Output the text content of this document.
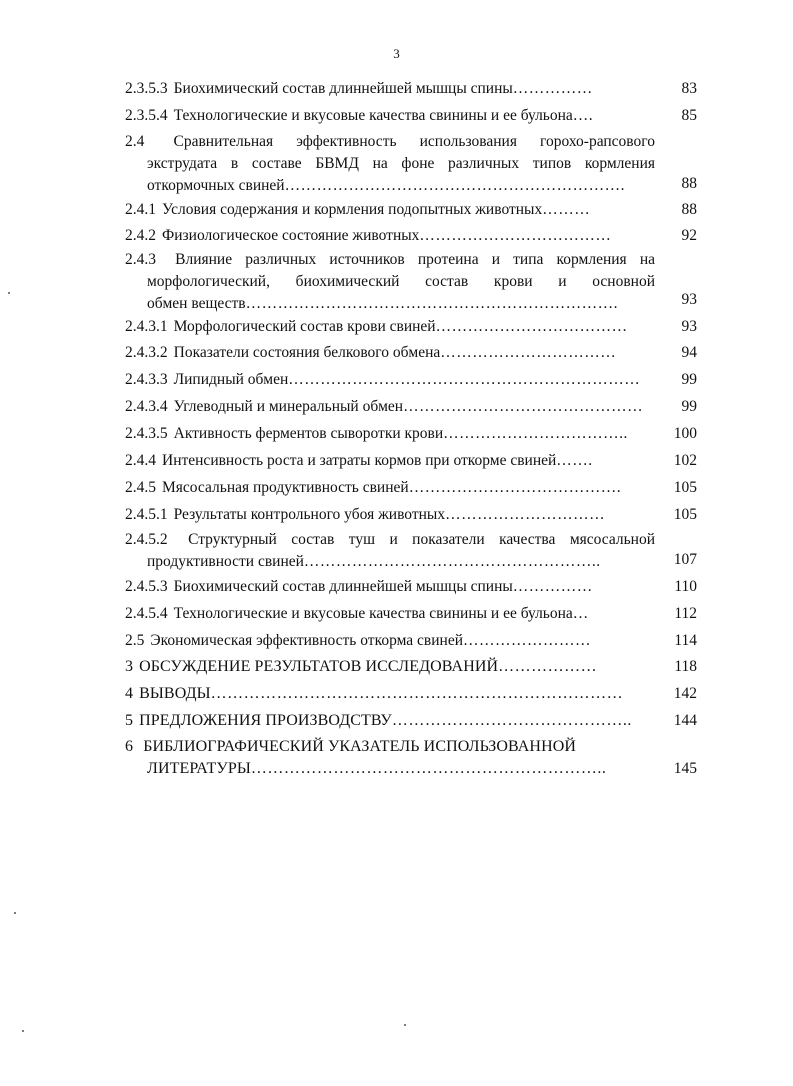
3
2.3.5.3 Биохимический состав длиннейшей мышцы спины……………	83
2.3.5.4 Технологические и вкусовые качества свинины и ее бульона….	85
2.4 Сравнительная эффективность использования горохо-рапсового
экструдата в составе БВМД на фоне различных типов кормления
откормочных свиней……………………………………………………….	88
2.4.1 Условия содержания и кормления подопытных животных………	88
2.4.2 Физиологическое состояние животных………………………………	92
2.4.3 Влияние различных источников протеина и типа кормления на
морфологический, биохимический состав крови и основной
обмен веществ…………………………………………………………….	93
2.4.3.1 Морфологический состав крови свиней………………………………	93
2.4.3.2 Показатели состояния белкового обмена……………………………	94
2.4.3.3 Липидный обмен…………………………………………………………	99
2.4.3.4 Углеводный и минеральный обмен………………………………………	99
2.4.3.5 Активность ферментов сыворотки крови……………………………..	100
2.4.4 Интенсивность роста и затраты кормов при откорме свиней…….	102
2.4.5 Мясосальная продуктивность свиней………………………………….	105
2.4.5.1 Результаты контрольного убоя животных…………………………	105
2.4.5.2 Структурный состав туш и показатели качества мясосальной
продуктивности свиней………………………………………………..	107
2.4.5.3 Биохимический состав длиннейшей мышцы спины……………	110
2.4.5.4 Технологические и вкусовые качества свинины и ее бульона…	112
2.5 Экономическая эффективность откорма свиней……………………	114
3 ОБСУЖДЕНИЕ РЕЗУЛЬТАТОВ ИССЛЕДОВАНИЙ………………	118
4 ВЫВОДЫ…………………………………………………………………	142
5 ПРЕДЛОЖЕНИЯ ПРОИЗВОДСТВУ……………………………………..	144
6 БИБЛИОГРАФИЧЕСКИЙ УКАЗАТЕЛЬ ИСПОЛЬЗОВАННОЙ
ЛИТЕРАТУРЫ………………………………………………………..	145
